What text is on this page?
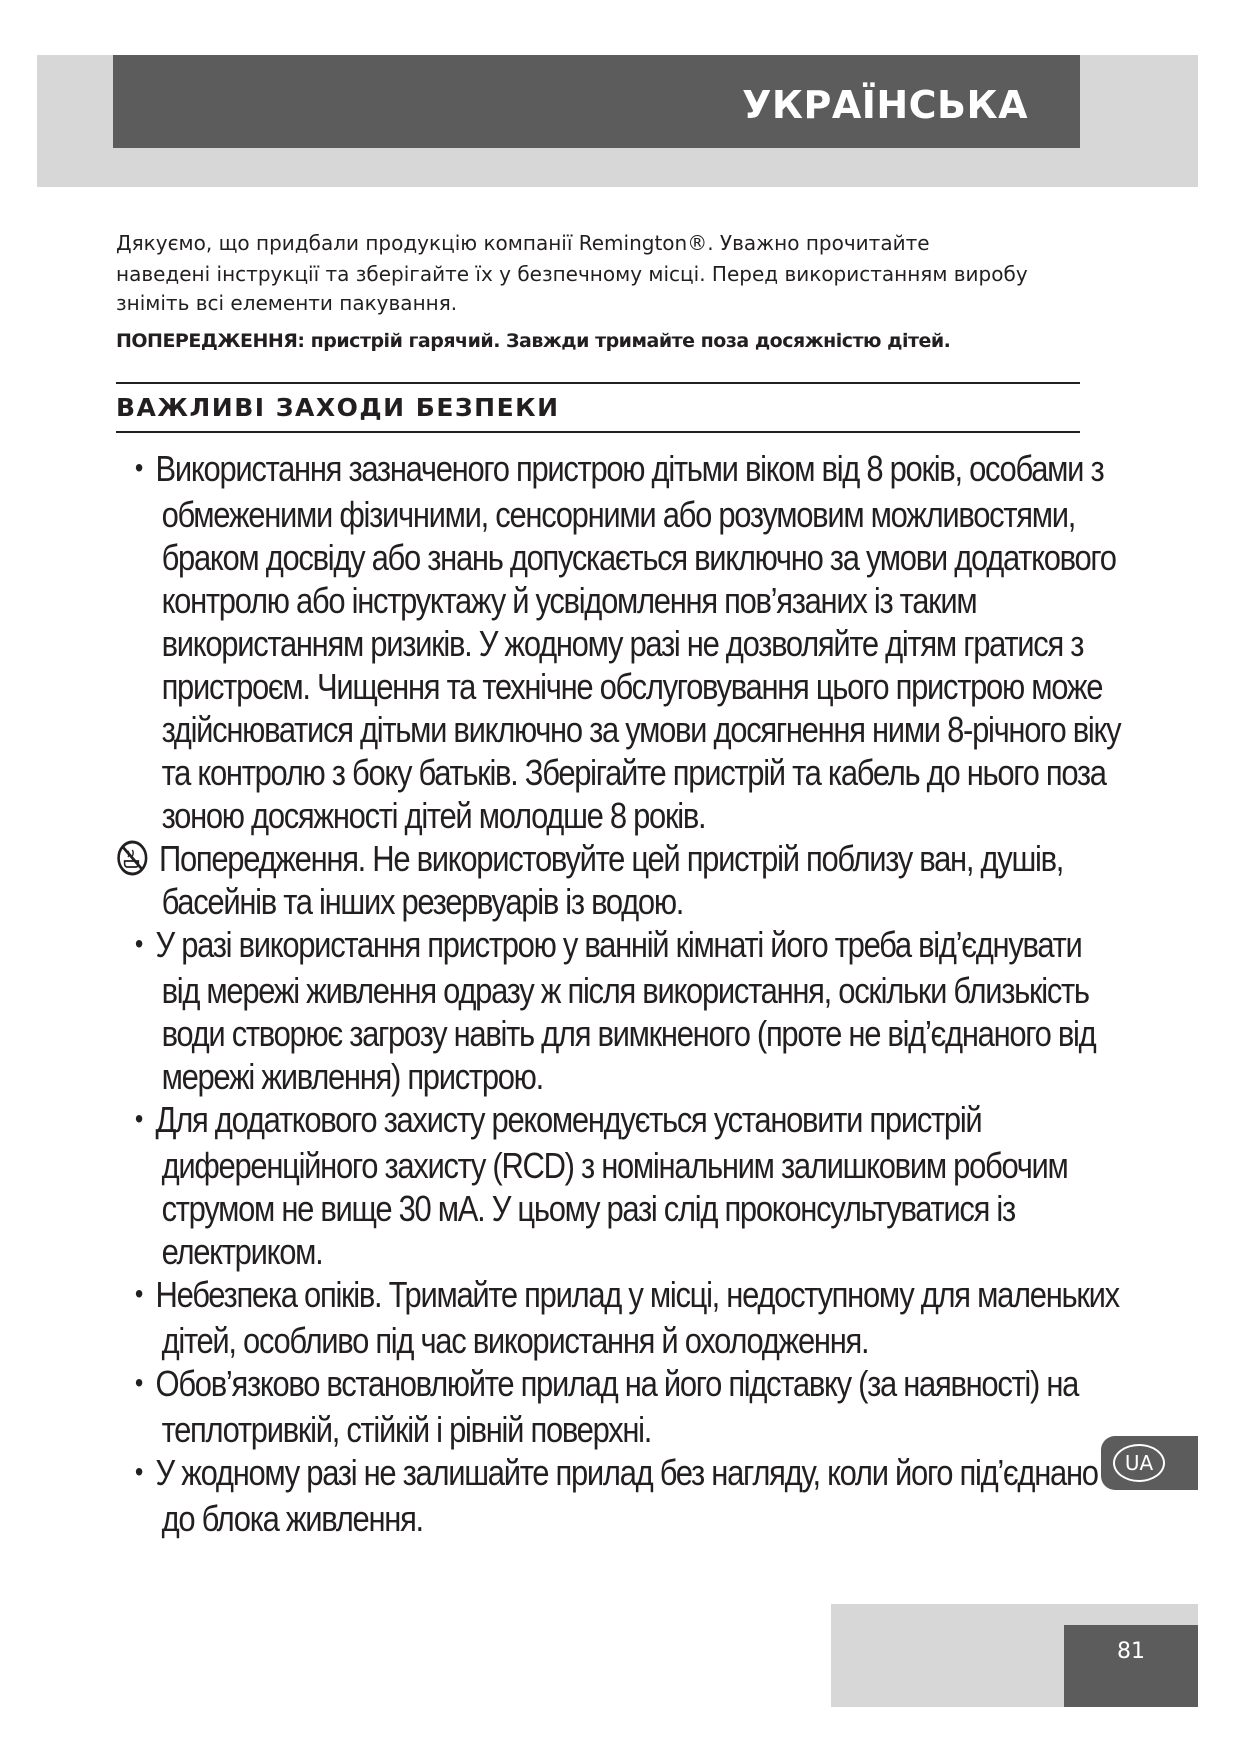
УКРАЇНСЬКА

Дякуємо, що придбали продукцію компанії Remington®. Уважно прочитайте

наведені інструкції та зберігайте їх у безпечному місці. Перед використанням виробу

зніміть всі елементи пакування.

ПОПЕРЕДЖЕННЯ: пристрій гарячий. Завжди тримайте поза досяжністю дітей.
ВАЖЛИВІ ЗАХОДИ БЕЗПЕКИ

• Використання зазначеного пристрою дітьми віком від 8 років, особами з обмеженими фізичними, сенсорними або розумовим можливостями, браком досвіду або знань допускається виключно за умови додаткового контролю або інструктажу й усвідомлення пов’язаних із таким використанням ризиків. У жодному разі не дозволяйте дітям гратися з пристроєм. Чищення та технічне обслуговування цього пристрою може здійснюватися дітьми виключно за умови досягнення ними 8-річного віку та контролю з боку батьків. Зберігайте пристрій та кабель до нього поза зоною досяжності дітей молодше 8 років.

Попередження. Не використовуйте цей пристрій поблизу ван, душів, басейнів та інших резервуарів із водою.

• У разі використання пристрою у ванній кімнаті його треба від’єднувати від мережі живлення одразу ж після використання, оскільки близькість води створює загрозу навіть для вимкненого (проте не від’єднаного від мережі живлення) пристрою.

• Для додаткового захисту рекомендується установити пристрій диференційного захисту (RCD) з номінальним залишковим робочим струмом не вище 30 мА. У цьому разі слід проконсультуватися із електриком.

• Небезпека опіків. Тримайте прилад у місці, недоступному для маленьких дітей, особливо під час використання й охолодження.

• Обов’язково встановлюйте прилад на його підставку (за наявності) на теплотривкій, стійкій і рівній поверхні.

• У жодному разі не залишайте прилад без нагляду, коли його під’єднано до блока живлення.

UA
81
